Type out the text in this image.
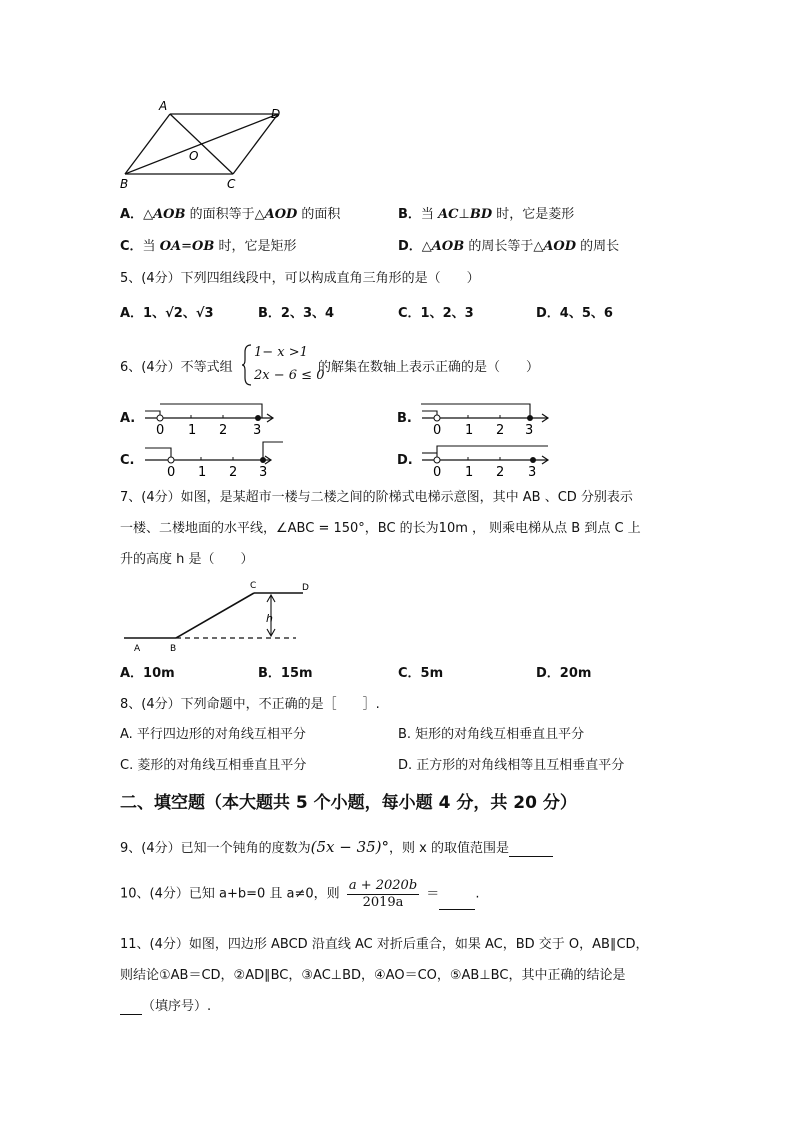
A
D
B	C
O
A．△AOB 的面积等于△AOD 的面积	B．当 AC⊥BD 时，它是菱形
C．当 OA=OB 时，它是矩形	D．△AOB 的周长等于△AOD 的周长
5、(4分）下列四组线段中，可以构成直角三角形的是（　　）
A．1、√2、√3	B．2、3、4	C．1、2、3	D．4、5、6
6、(4分）不等式组
1− x >1
2x − 6 ≤ 0
的解集在数轴上表示正确的是（　　）
A.	B.
C.	D.
0 1 2 3	0 1 2 3
0 1 2 3	0 1 2 3
7、(4分）如图，是某超市一楼与二楼之间的阶梯式电梯示意图，其中 AB 、CD 分别表示
一楼、二楼地面的水平线，∠ABC = 150°，BC 的长为10m ， 则乘电梯从点 B 到点 C 上
升的高度 h 是（　　）
h
A	B
C	D
A．10m	B．15m	C．5m	D．20m
8、(4分）下列命题中，不正确的是［　　］.
A. 平行四边形的对角线互相平分	B. 矩形的对角线互相垂直且平分
C. 菱形的对角线互相垂直且平分	D. 正方形的对角线相等且互相垂直平分
二、填空题（本大题共 5 个小题，每小题 4 分，共 20 分）
9、(4分）已知一个钝角的度数为(5x − 35)°，则 x 的取值范围是
10、(4分）已知 a+b=0 且 a≠0，则 $\frac{a + 2020b}{2019a}$ ＝	.
11、(4分）如图，四边形 ABCD 沿直线 AC 对折后重合，如果 AC，BD 交于 O，AB∥CD，
则结论①AB＝CD，②AD∥BC，③AC⊥BD，④AO＝CO，⑤AB⊥BC，其中正确的结论是
（填序号）.
